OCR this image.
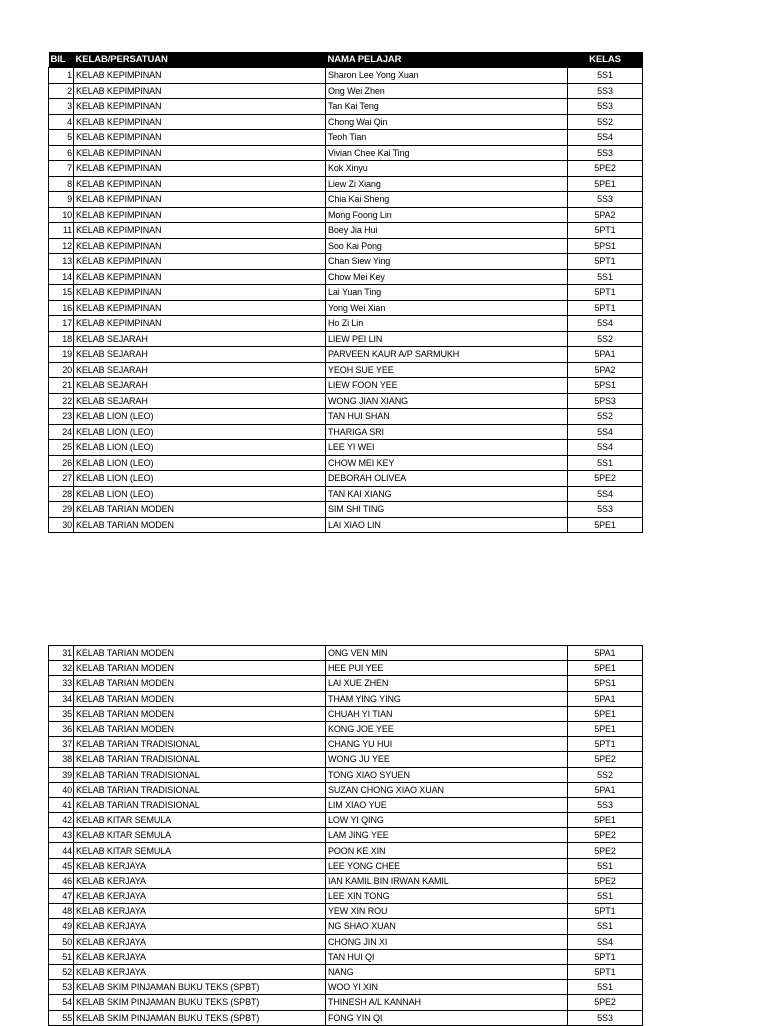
BIL	KELAB/PERSATUAN	NAMA PELAJAR	KELAS
1	KELAB KEPIMPINAN	Sharon Lee Yong Xuan	5S1
2	KELAB KEPIMPINAN	Ong Wei Zhen	5S3
3	KELAB KEPIMPINAN	Tan Kai Teng	5S3
4	KELAB KEPIMPINAN	Chong Wai Qin	5S2
5	KELAB KEPIMPINAN	Teoh Tian	5S4
6	KELAB KEPIMPINAN	Vivian Chee Kai Ting	5S3
7	KELAB KEPIMPINAN	Kok Xinyu	5PE2
8	KELAB KEPIMPINAN	Liew Zi Xiang	5PE1
9	KELAB KEPIMPINAN	Chia Kai Sheng	5S3
10	KELAB KEPIMPINAN	Mong Foong Lin	5PA2
11	KELAB KEPIMPINAN	Boey Jia Hui	5PT1
12	KELAB KEPIMPINAN	Soo Kai Pong	5PS1
13	KELAB KEPIMPINAN	Chan Siew Ying	5PT1
14	KELAB KEPIMPINAN	Chow Mei Key	5S1
15	KELAB KEPIMPINAN	Lai Yuan Ting	5PT1
16	KELAB KEPIMPINAN	Yong Wei Xian	5PT1
17	KELAB KEPIMPINAN	Ho Zi Lin	5S4
18	KELAB SEJARAH	LIEW PEI LIN	5S2
19	KELAB SEJARAH	PARVEEN KAUR A/P SARMUKH	5PA1
20	KELAB SEJARAH	YEOH SUE YEE	5PA2
21	KELAB SEJARAH	LIEW FOON YEE	5PS1
22	KELAB SEJARAH	WONG JIAN XIANG	5PS3
23	KELAB LION (LEO)	TAN HUI SHAN	5S2
24	KELAB LION (LEO)	THARIGA SRI	5S4
25	KELAB LION (LEO)	LEE YI WEI	5S4
26	KELAB LION (LEO)	CHOW MEI KEY	5S1
27	KELAB LION (LEO)	DEBORAH OLIVEA	5PE2
28	KELAB LION (LEO)	TAN KAI XIANG	5S4
29	KELAB TARIAN MODEN	SIM SHI TING	5S3
30	KELAB TARIAN MODEN	LAI XIAO LIN	5PE1
31	KELAB TARIAN MODEN	ONG VEN MIN	5PA1
32	KELAB TARIAN MODEN	HEE PUI YEE	5PE1
33	KELAB TARIAN MODEN	LAI XUE ZHEN	5PS1
34	KELAB TARIAN MODEN	THAM YING YING	5PA1
35	KELAB TARIAN MODEN	CHUAH YI TIAN	5PE1
36	KELAB TARIAN MODEN	KONG JOE YEE	5PE1
37	KELAB TARIAN TRADISIONAL	CHANG YU HUI	5PT1
38	KELAB TARIAN TRADISIONAL	WONG JU YEE	5PE2
39	KELAB TARIAN TRADISIONAL	TONG XIAO SYUEN	5S2
40	KELAB TARIAN TRADISIONAL	SUZAN CHONG XIAO XUAN	5PA1
41	KELAB TARIAN TRADISIONAL	LIM XIAO YUE	5S3
42	KELAB KITAR SEMULA	LOW YI QING	5PE1
43	KELAB KITAR SEMULA	LAM JING YEE	5PE2
44	KELAB KITAR SEMULA	POON KE XIN	5PE2
45	KELAB KERJAYA	LEE YONG CHEE	5S1
46	KELAB KERJAYA	IAN KAMIL BIN IRWAN KAMIL	5PE2
47	KELAB KERJAYA	LEE XIN TONG	5S1
48	KELAB KERJAYA	YEW XIN ROU	5PT1
49	KELAB KERJAYA	NG SHAO XUAN	5S1
50	KELAB KERJAYA	CHONG JIN XI	5S4
51	KELAB KERJAYA	TAN HUI QI	5PT1
52	KELAB KERJAYA	NANG	5PT1
53	KELAB SKIM PINJAMAN BUKU TEKS (SPBT)	WOO YI XIN	5S1
54	KELAB SKIM PINJAMAN BUKU TEKS (SPBT)	THINESH A/L KANNAH	5PE2
55	KELAB SKIM PINJAMAN BUKU TEKS (SPBT)	FONG YIN QI	5S3
